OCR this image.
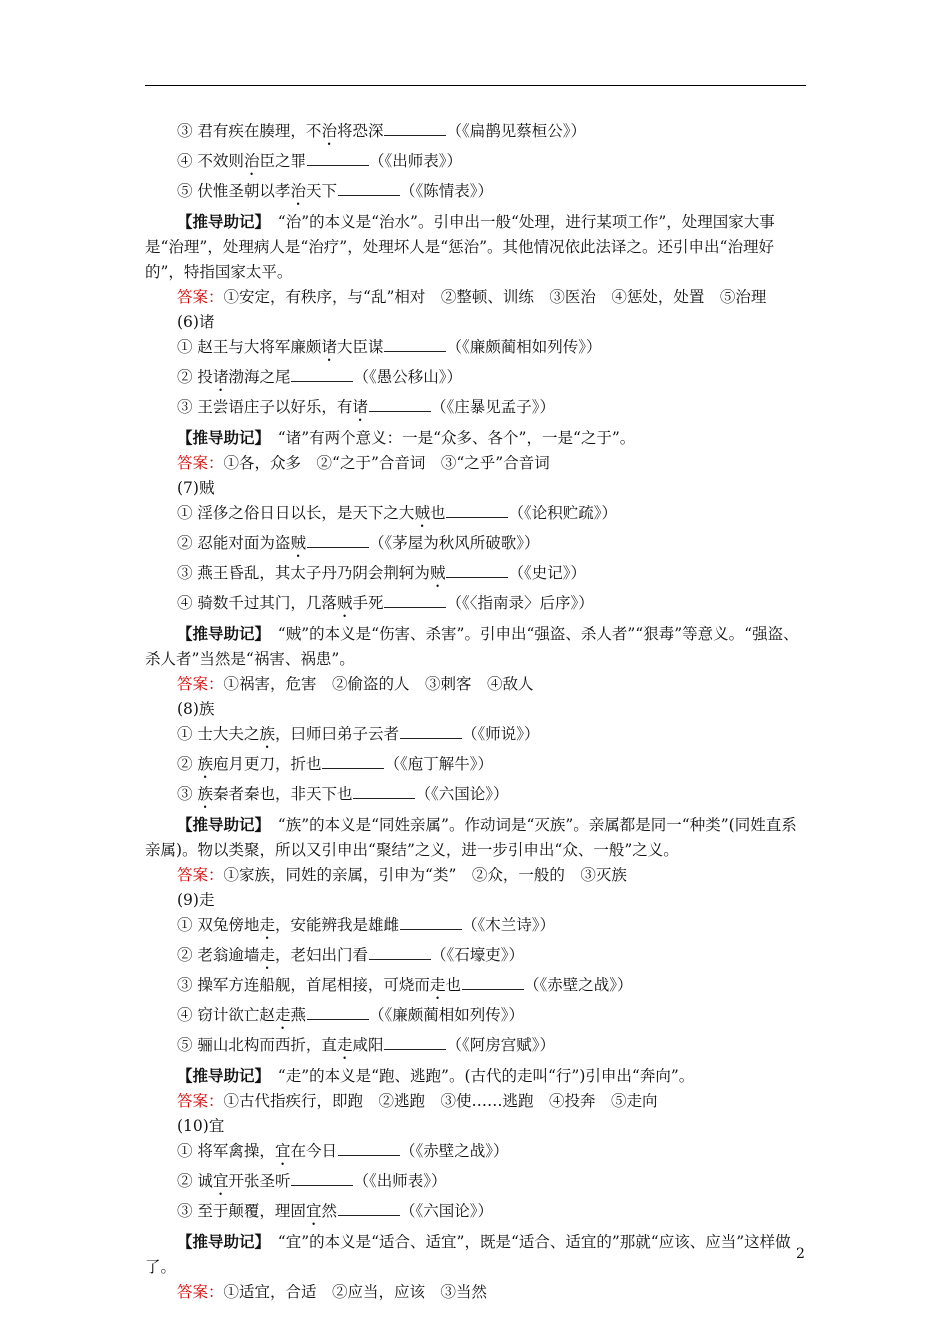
③ 君有疾在腠理，不治将恐深	（《扁鹊见蔡桓公》）
④ 不效则治臣之罪	（《出师表》）
⑤ 伏惟圣朝以孝治天下	（《陈情表》）

【推导助记】　“治”的本义是“治水”。引申出一般“处理，进行某项工作”，处理国家大事是“治理”，处理病人是“治疗”，处理坏人是“惩治”。其他情况依此法译之。还引申出“治理好的”，特指国家太平。

答案：①安定，有秩序，与“乱”相对　②整顿、训练　③医治　④惩处，处置　⑤治理
(6)诸
① 赵王与大将军廉颇诸大臣谋	（《廉颇蔺相如列传》）
② 投诸渤海之尾	（《愚公移山》）
③ 王尝语庄子以好乐，有诸	（《庄暴见孟子》）

【推导助记】　“诸”有两个意义：一是“众多、各个”，一是“之于”。

答案：①各，众多　②“之于”合音词　③“之乎”合音词
(7)贼
① 淫侈之俗日日以长，是天下之大贼也	（《论积贮疏》）
② 忍能对面为盗贼	（《茅屋为秋风所破歌》）
③ 燕王昏乱，其太子丹乃阴会荆轲为贼	（《史记》）
④ 骑数千过其门，几落贼手死	（《〈指南录〉后序》）

【推导助记】　“贼”的本义是“伤害、杀害”。引申出“强盗、杀人者”“狠毒”等意义。“强盗、杀人者”当然是“祸害、祸患”。

答案：①祸害，危害　②偷盗的人　③刺客　④敌人
(8)族
① 士大夫之族，曰师曰弟子云者	（《师说》）
② 族庖月更刀，折也	（《庖丁解牛》）
③ 族秦者秦也，非天下也	（《六国论》）

【推导助记】　“族”的本义是“同姓亲属”。作动词是“灭族”。亲属都是同一“种类”(同姓直系亲属)。物以类聚，所以又引申出“聚结”之义，进一步引申出“众、一般”之义。

答案：①家族，同姓的亲属，引申为“类”　②众，一般的　③灭族
(9)走
① 双兔傍地走，安能辨我是雄雌	（《木兰诗》）
② 老翁逾墙走，老妇出门看	（《石壕吏》）
③ 操军方连船舰，首尾相接，可烧而走也	（《赤壁之战》）
④ 窃计欲亡赵走燕	（《廉颇蔺相如列传》）
⑤ 骊山北构而西折，直走咸阳	（《阿房宫赋》）

【推导助记】　“走”的本义是“跑、逃跑”。(古代的走叫“行”)引申出“奔向”。

答案：①古代指疾行，即跑　②逃跑　③使……逃跑　④投奔　⑤走向
(10)宜
① 将军禽操，宜在今日	（《赤壁之战》）
② 诚宜开张圣听	（《出师表》）
③ 至于颠覆，理固宜然	（《六国论》）

【推导助记】　“宜”的本义是“适合、适宜”，既是“适合、适宜的”那就“应该、应当”这样做了。

答案：①适宜，合适　②应当，应该　③当然
2
